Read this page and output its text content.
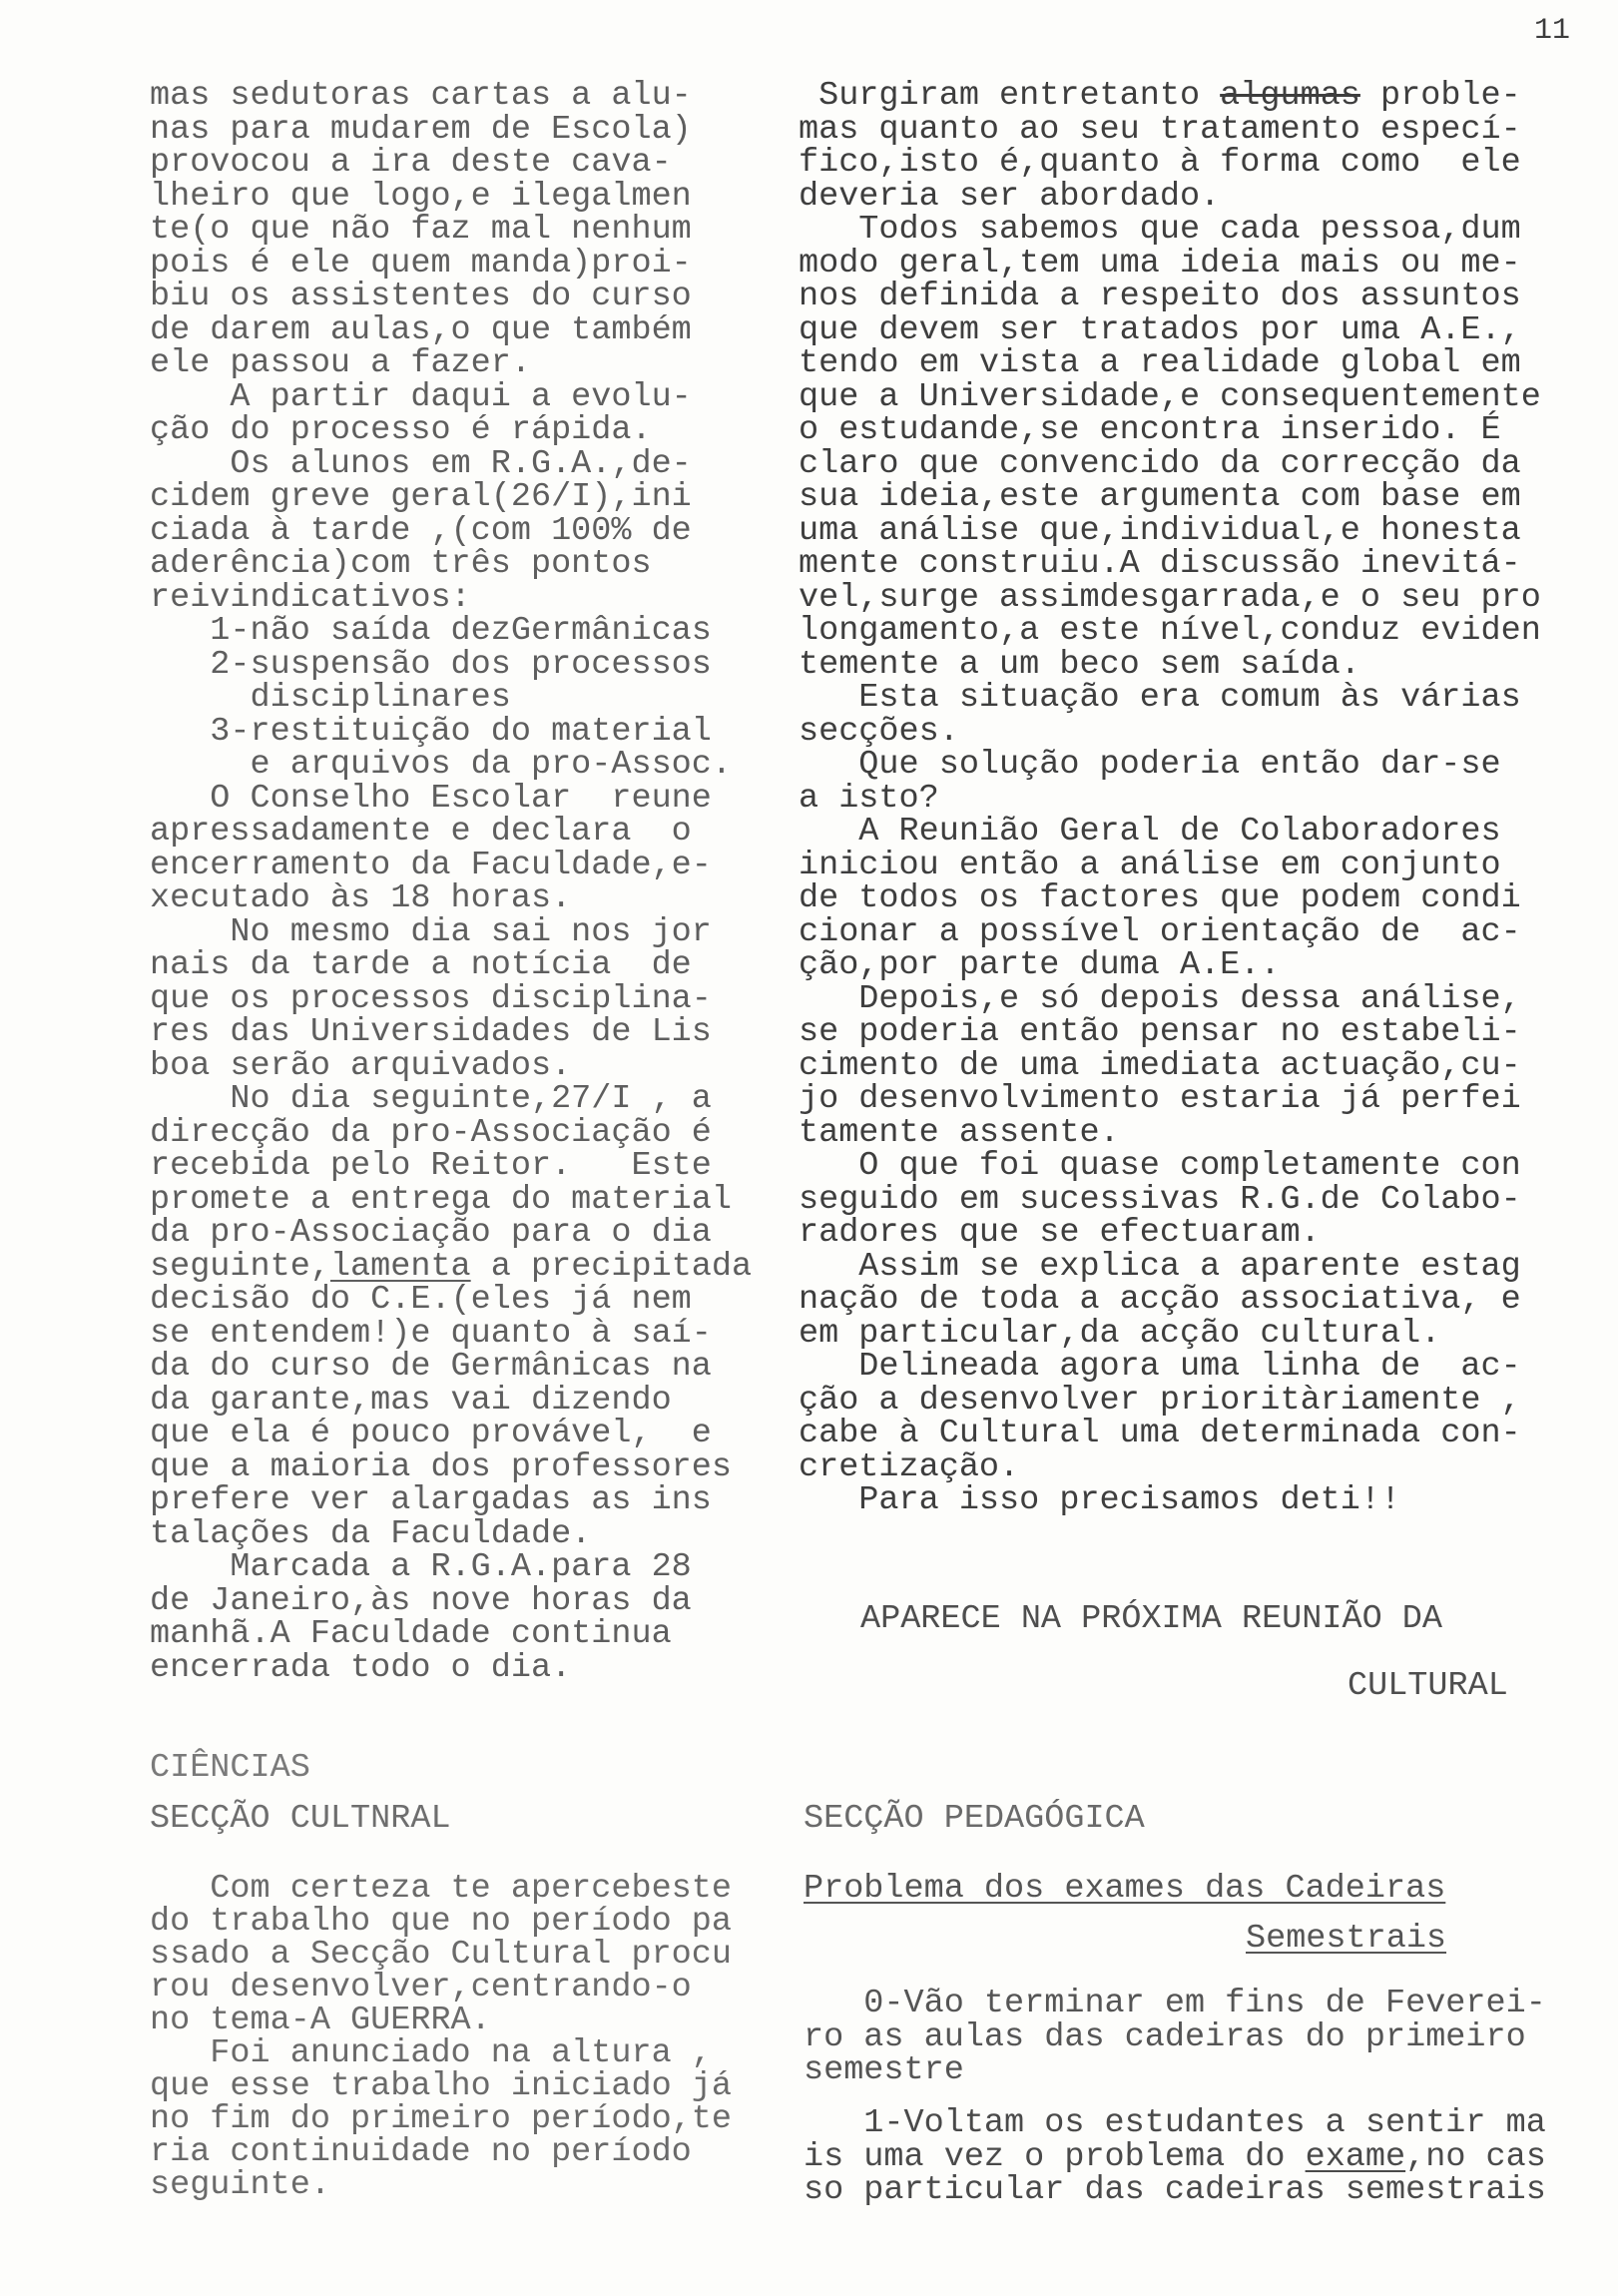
11
mas sedutoras cartas a alu-
nas para mudarem de Escola)
provocou a ira deste cava-
lheiro que logo,e ilegalmen
te(o que não faz mal nenhum
pois é ele quem manda)proi-
biu os assistentes do curso
de darem aulas,o que também
ele passou a fazer.
A partir daqui a evolu-
ção do processo é rápida.
Os alunos em R.G.A.,de-
cidem greve geral(26/I),ini
ciada à tarde ,(com 100% de
aderência)com três pontos
reivindicativos:
1-não saída dezGermânicas
2-suspensão dos processos
disciplinares
3-restituição do material
e arquivos da pro-Assoc.
O Conselho Escolar  reune
apressadamente e declara  o
encerramento da Faculdade,e-
xecutado às 18 horas.
No mesmo dia sai nos jor
nais da tarde a notícia  de
que os processos disciplina-
res das Universidades de Lis
boa serão arquivados.
No dia seguinte,27/I , a
direcção da pro-Associação é
recebida pelo Reitor.   Este
promete a entrega do material
da pro-Associação para o dia
seguinte,lamenta a precipitada
decisão do C.E.(eles já nem
se entendem!)e quanto à saí-
da do curso de Germânicas na
da garante,mas vai dizendo
que ela é pouco provável,  e
que a maioria dos professores
prefere ver alargadas as ins
talações da Faculdade.
Marcada a R.G.A.para 28
de Janeiro,às nove horas da
manhã.A Faculdade continua
encerrada todo o dia.
Surgiram entretanto algumas proble-
mas quanto ao seu tratamento especí-
fico,isto é,quanto à forma como  ele
deveria ser abordado.
Todos sabemos que cada pessoa,dum
modo geral,tem uma ideia mais ou me-
nos definida a respeito dos assuntos
que devem ser tratados por uma A.E.,
tendo em vista a realidade global em
que a Universidade,e consequentemente
o estudande,se encontra inserido. É
claro que convencido da correcção da
sua ideia,este argumenta com base em
uma análise que,individual,e honesta
mente construiu.A discussão inevitá-
vel,surge assimdesgarrada,e o seu pro
longamento,a este nível,conduz eviden
temente a um beco sem saída.
Esta situação era comum às várias
secções.
Que solução poderia então dar-se
a isto?
A Reunião Geral de Colaboradores
iniciou então a análise em conjunto
de todos os factores que podem condi
cionar a possível orientação de  ac-
ção,por parte duma A.E..
Depois,e só depois dessa análise,
se poderia então pensar no estabeli-
cimento de uma imediata actuação,cu-
jo desenvolvimento estaria já perfei
tamente assente.
O que foi quase completamente con
seguido em sucessivas R.G.de Colabo-
radores que se efectuaram.
Assim se explica a aparente estag
nação de toda a acção associativa, e
em particular,da acção cultural.
Delineada agora uma linha de  ac-
ção a desenvolver prioritàriamente ,
cabe à Cultural uma determinada con-
cretização.
Para isso precisamos deti!!
APARECE NA PRÓXIMA REUNIÃO DA
CULTURAL
CIÊNCIAS
SECÇÃO CULTNRAL
Com certeza te apercebeste
do trabalho que no período pa
ssado a Secção Cultural procu
rou desenvolver,centrando-o
no tema-A GUERRA.
Foi anunciado na altura ,
que esse trabalho iniciado já
no fim do primeiro período,te
ria continuidade no período
seguinte.
SECÇÃO PEDAGÓGICA
Problema dos exames das Cadeiras
Semestrais
0-Vão terminar em fins de Feverei-
ro as aulas das cadeiras do primeiro
semestre
1-Voltam os estudantes a sentir ma
is uma vez o problema do exame,no cas
so particular das cadeiras semestrais
